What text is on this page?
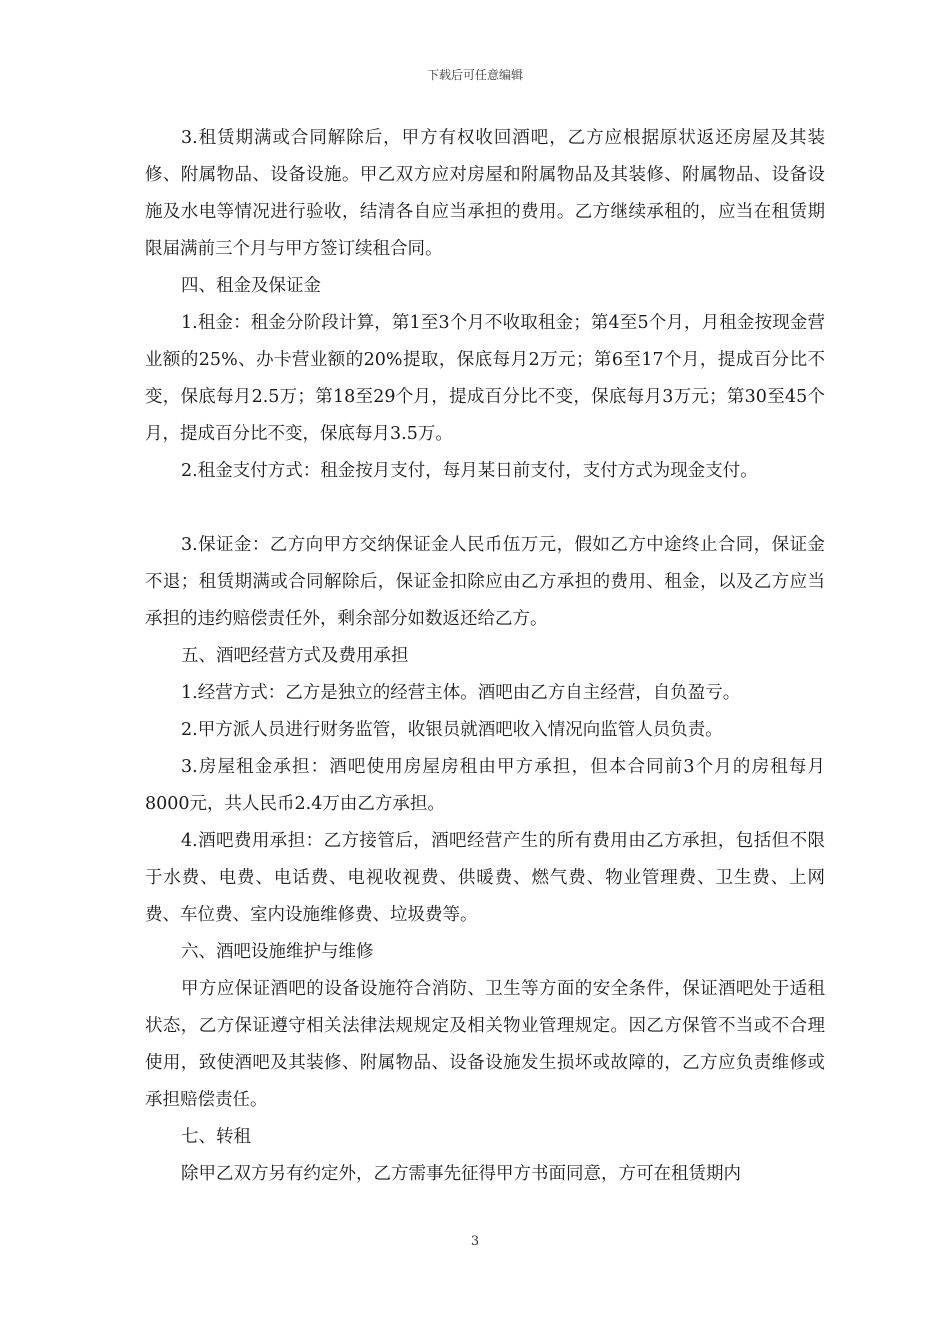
下载后可任意编辑

3.租赁期满或合同解除后，甲方有权收回酒吧，乙方应根据原状返还房屋及其装修、附属物品、设备设施。甲乙双方应对房屋和附属物品及其装修、附属物品、设备设施及水电等情况进行验收，结清各自应当承担的费用。乙方继续承租的，应当在租赁期限届满前三个月与甲方签订续租合同。

四、租金及保证金

1.租金：租金分阶段计算，第1至3个月不收取租金；第4至5个月，月租金按现金营业额的25%、办卡营业额的20%提取，保底每月2万元；第6至17个月，提成百分比不变，保底每月2.5万；第18至29个月，提成百分比不变，保底每月3万元；第30至45个月，提成百分比不变，保底每月3.5万。

2.租金支付方式：租金按月支付，每月某日前支付，支付方式为现金支付。

3.保证金：乙方向甲方交纳保证金人民币伍万元，假如乙方中途终止合同，保证金不退；租赁期满或合同解除后，保证金扣除应由乙方承担的费用、租金，以及乙方应当承担的违约赔偿责任外，剩余部分如数返还给乙方。

五、酒吧经营方式及费用承担

1.经营方式：乙方是独立的经营主体。酒吧由乙方自主经营，自负盈亏。

2.甲方派人员进行财务监管，收银员就酒吧收入情况向监管人员负责。

3.房屋租金承担：酒吧使用房屋房租由甲方承担，但本合同前3个月的房租每月8000元，共人民币2.4万由乙方承担。

4.酒吧费用承担：乙方接管后，酒吧经营产生的所有费用由乙方承担，包括但不限于水费、电费、电话费、电视收视费、供暖费、燃气费、物业管理费、卫生费、上网费、车位费、室内设施维修费、垃圾费等。

六、酒吧设施维护与维修

甲方应保证酒吧的设备设施符合消防、卫生等方面的安全条件，保证酒吧处于适租状态，乙方保证遵守相关法律法规规定及相关物业管理规定。因乙方保管不当或不合理使用，致使酒吧及其装修、附属物品、设备设施发生损坏或故障的，乙方应负责维修或承担赔偿责任。

七、转租

除甲乙双方另有约定外，乙方需事先征得甲方书面同意，方可在租赁期内

3
